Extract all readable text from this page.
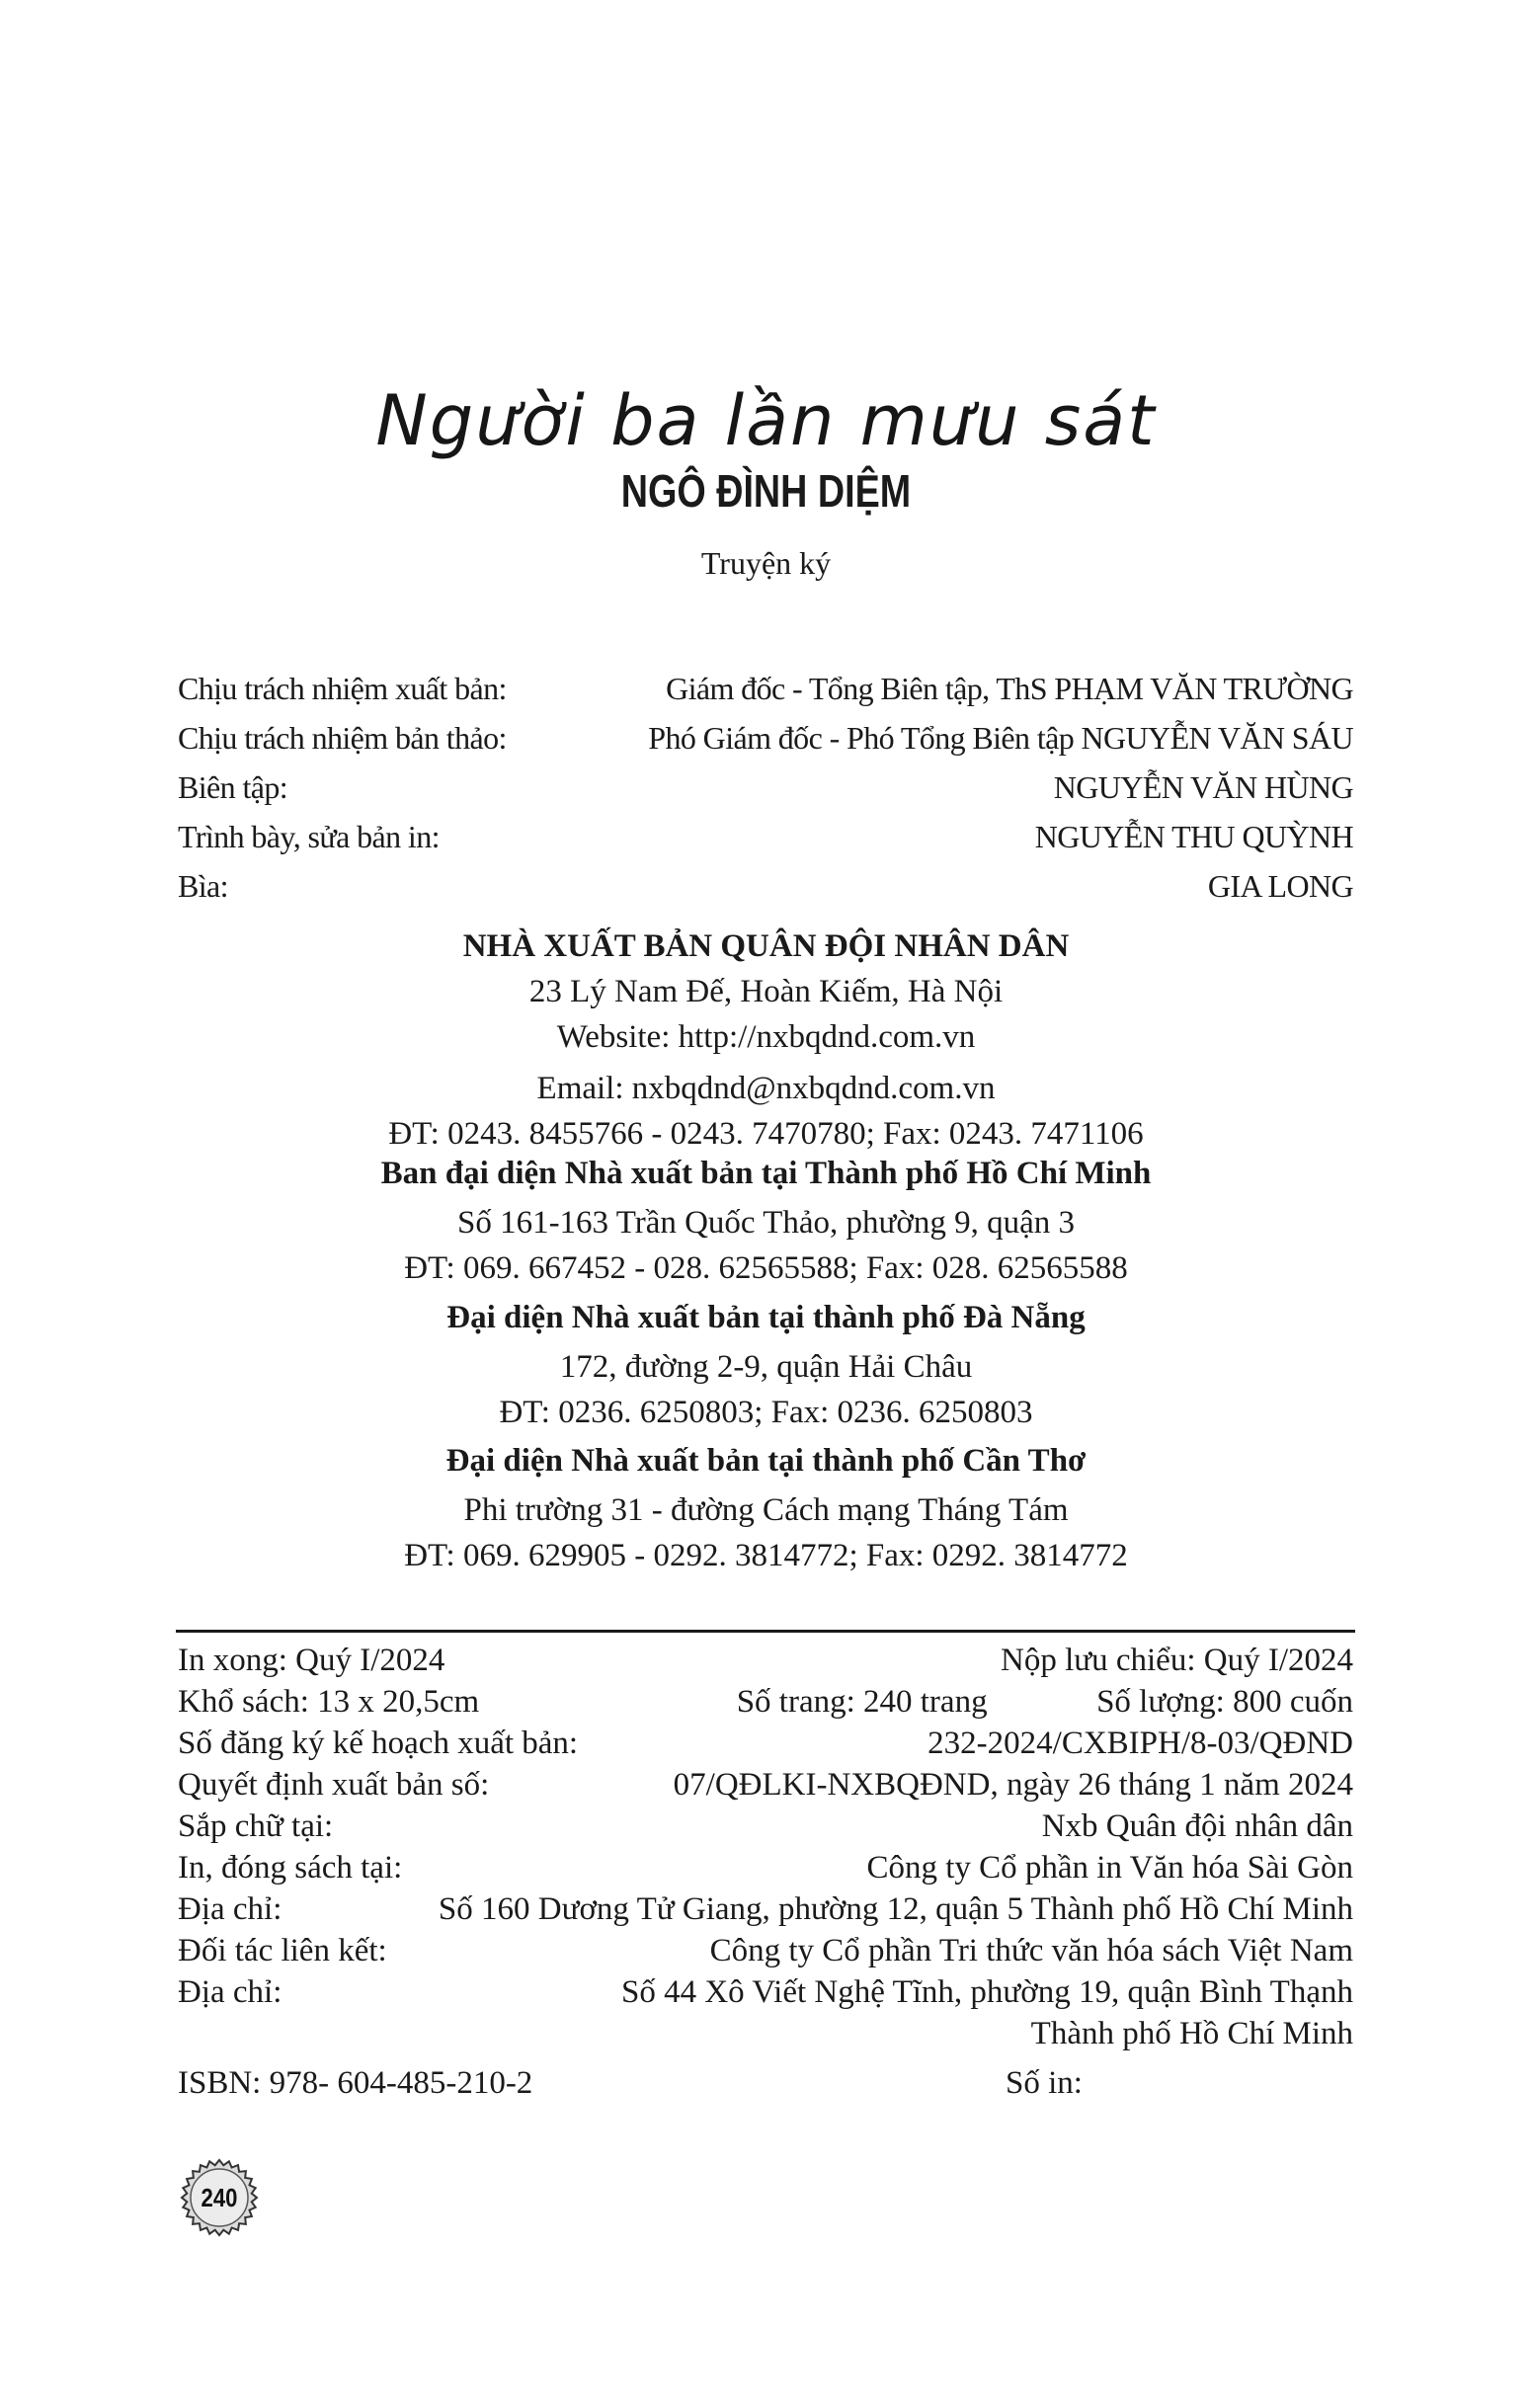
Người ba lần mưu sát
NGÔ ĐÌNH DIỆM
Truyện ký
Chịu trách nhiệm xuất bản:	Giám đốc - Tổng Biên tập, ThS PHẠM VĂN TRƯỜNG
Chịu trách nhiệm bản thảo:	Phó Giám đốc - Phó Tổng Biên tập NGUYỄN VĂN SÁU
Biên tập:	NGUYỄN VĂN HÙNG
Trình bày, sửa bản in:	NGUYỄN THU QUỲNH
Bìa:	GIA LONG
NHÀ XUẤT BẢN QUÂN ĐỘI NHÂN DÂN
23 Lý Nam Đế, Hoàn Kiếm, Hà Nội
Website: http://nxbqdnd.com.vn
Email: nxbqdnd@nxbqdnd.com.vn
ĐT: 0243. 8455766 - 0243. 7470780; Fax: 0243. 7471106
Ban đại diện Nhà xuất bản tại Thành phố Hồ Chí Minh
Số 161-163 Trần Quốc Thảo, phường 9, quận 3
ĐT: 069. 667452 - 028. 62565588; Fax: 028. 62565588
Đại diện Nhà xuất bản tại thành phố Đà Nẵng
172, đường 2-9, quận Hải Châu
ĐT: 0236. 6250803; Fax: 0236. 6250803
Đại diện Nhà xuất bản tại thành phố Cần Thơ
Phi trường 31 - đường Cách mạng Tháng Tám
ĐT: 069. 629905 - 0292. 3814772; Fax: 0292. 3814772
In xong: Quý I/2024	Nộp lưu chiểu: Quý I/2024
Khổ sách: 13 x 20,5cm	Số trang: 240 trang	Số lượng: 800 cuốn
Số đăng ký kế hoạch xuất bản:	232-2024/CXBIPH/8-03/QĐND
Quyết định xuất bản số:	07/QĐLKI-NXBQĐND, ngày 26 tháng 1 năm 2024
Sắp chữ tại:	Nxb Quân đội nhân dân
In, đóng sách tại:	Công ty Cổ phần in Văn hóa Sài Gòn
Địa chỉ:	Số 160 Dương Tử Giang, phường 12, quận 5 Thành phố Hồ Chí Minh
Đối tác liên kết:	Công ty Cổ phần Tri thức văn hóa sách Việt Nam
Địa chỉ:	Số 44 Xô Viết Nghệ Tĩnh, phường 19, quận Bình Thạnh
Thành phố Hồ Chí Minh
ISBN: 978- 604-485-210-2	Số in:
240
